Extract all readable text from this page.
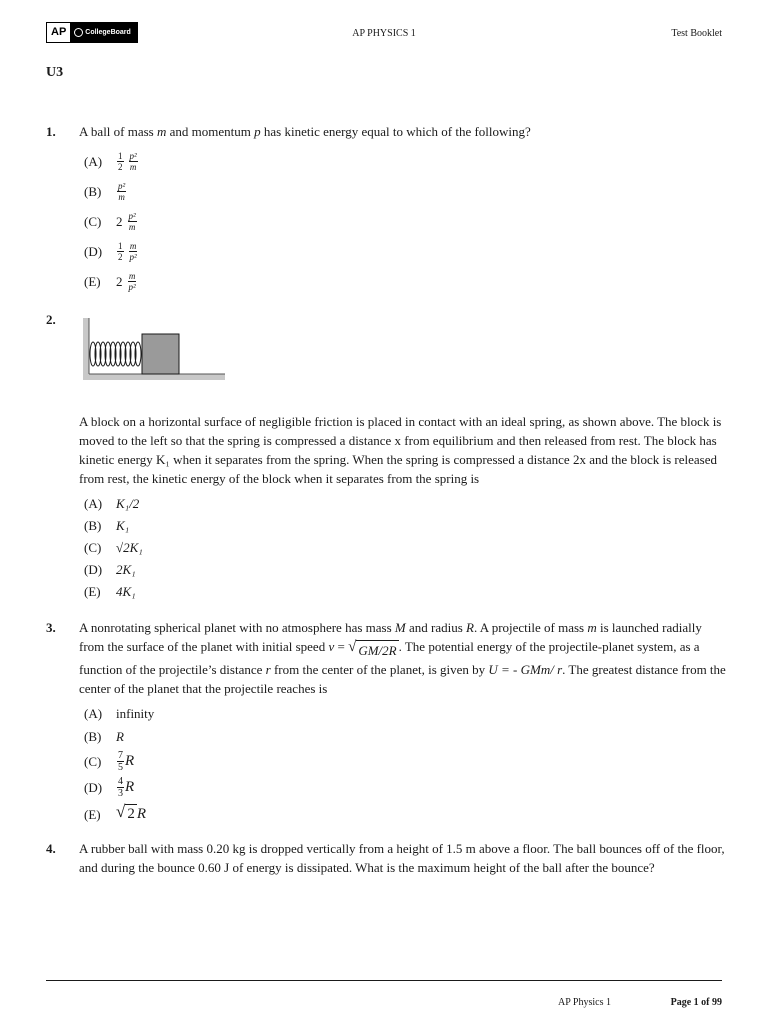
AP	CollegeBoard	AP PHYSICS 1	Test Booklet
U3
1. A ball of mass m and momentum p has kinetic energy equal to which of the following?
(A)	$\frac{1}{2} \frac{\text{p²}}{m}$
(B)	$\frac{\text{p²}}{m}$
(C)	$2 \frac{\text{p²}}{m}$
(D)	$\frac{1}{2} \frac{m}{\text{p²}}$
(E)	$2 \frac{m}{\text{p²}}$
2.
A block on a horizontal surface of negligible friction is placed in contact with an ideal spring, as shown above. The block is moved to the left so that the spring is compressed a distance x from equilibrium and then released from rest. The block has kinetic energy K₁ when it separates from the spring. When the spring is compressed a distance 2x and the block is released from rest, the kinetic energy of the block when it separates from the spring is
(A)	K₁/2
(B)	K₁
(C)	√2K₁
(D)	2K₁
(E)	4K₁
3. A nonrotating spherical planet with no atmosphere has mass M and radius R. A projectile of mass m is launched radially from the surface of the planet with initial speed v = √ GM/2R . The potential energy of the projectile-planet system, as a function of the projectile’s distance r from the center of the planet, is given by U = - GMm/ r. The greatest distance from the center of the planet that the projectile reaches is
(A)	infinity
(B)	R
(C)	$\frac{7}{5}$ R
(D)	$\frac{4}{3}$ R
(E) √ 2 R
4. A rubber ball with mass 0.20 kg is dropped vertically from a height of 1.5 m above a floor. The ball bounces off of the floor, and during the bounce 0.60 J of energy is dissipated. What is the maximum height of the ball after the bounce?
AP Physics 1	Page 1 of 99
